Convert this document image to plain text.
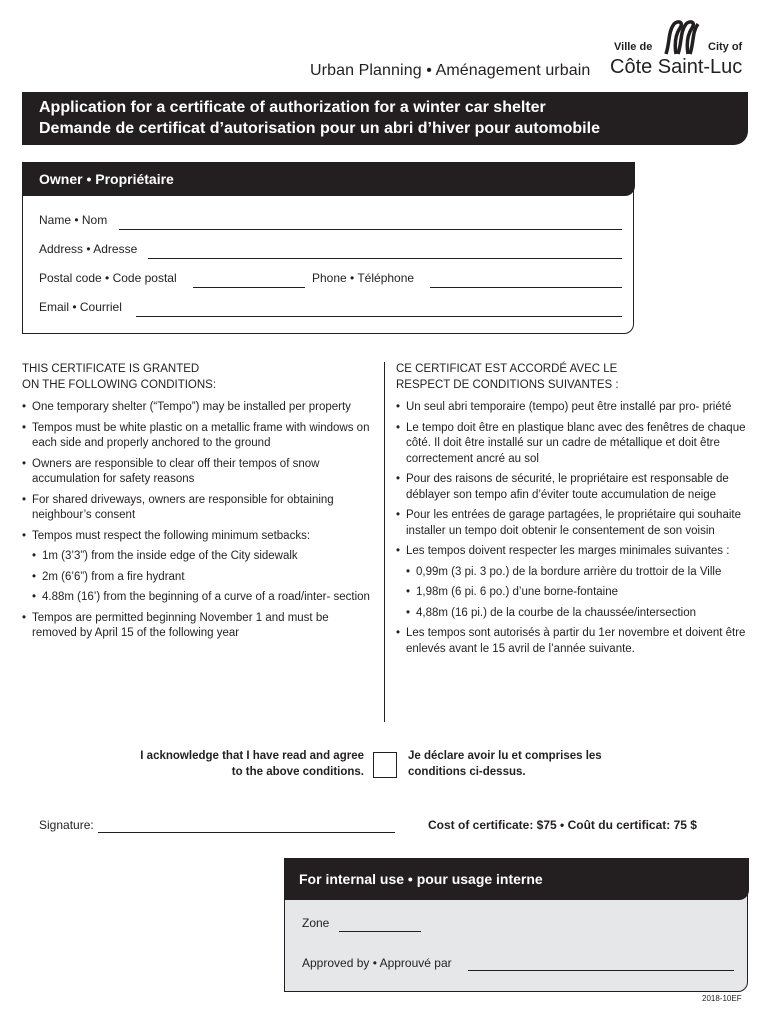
Urban Planning • Aménagement urbain
Ville de	City of
Côte Saint-Luc
Application for a certificate of authorization for a winter car shelter
Demande de certificat d’autorisation pour un abri d’hiver pour automobile
Owner • Propriétaire
Name • Nom
Address • Adresse
Postal code • Code postal	Phone • Téléphone
Email • Courriel
THIS CERTIFICATE IS GRANTED
ON THE FOLLOWING CONDITIONS:
• One temporary shelter (“Tempo”) may be installed per property
• Tempos must be white plastic on a metallic frame with windows on each side and properly anchored to the ground
• Owners are responsible to clear off their tempos of snow accumulation for safety reasons
• For shared driveways, owners are responsible for obtaining neighbour’s consent
• Tempos must respect the following minimum setbacks:
• 1m (3’3”) from the inside edge of the City sidewalk
• 2m (6’6”) from a fire hydrant
• 4.88m (16’) from the beginning of a curve of a road/inter- section
• Tempos are permitted beginning November 1 and must be removed by April 15 of the following year
CE CERTIFICAT EST ACCORDÉ AVEC LE
RESPECT DE CONDITIONS SUIVANTES :
• Un seul abri temporaire (tempo) peut être installé par pro- priété
• Le tempo doit être en plastique blanc avec des fenêtres de chaque côté. Il doit être installé sur un cadre de métallique et doit être correctement ancré au sol
• Pour des raisons de sécurité, le propriétaire est responsable de déblayer son tempo afin d’éviter toute accumulation de neige
• Pour les entrées de garage partagées, le propriétaire qui souhaite installer un tempo doit obtenir le consentement de son voisin
• Les tempos doivent respecter les marges minimales suivantes :
• 0,99m (3 pi. 3 po.) de la bordure arrière du trottoir de la Ville
• 1,98m (6 pi. 6 po.) d’une borne-fontaine
• 4,88m (16 pi.) de la courbe de la chaussée/intersection
• Les tempos sont autorisés à partir du 1er novembre et doivent être enlevés avant le 15 avril de l’année suivante.
I acknowledge that I have read and agree
to the above conditions.
Je déclare avoir lu et comprises les
conditions ci-dessus.
Signature:	Cost of certificate: $75 • Coût du certificat: 75 $
For internal use • pour usage interne
Zone
Approved by • Approuvé par
2018-10EF
